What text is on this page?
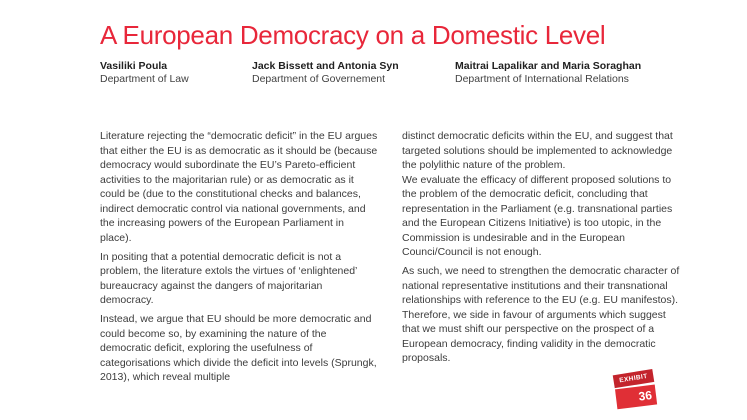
A European Democracy on a Domestic Level
Vasiliki Poula
Department of Law
Jack Bissett and Antonia Syn
Department of Governement
Maitrai Lapalikar and Maria Soraghan
Department of International Relations

Literature rejecting the “democratic deficit” in the EU argues that either the EU is as democratic as it should be (because democracy would subordinate the EU’s Pareto-efficient activities to the majoritarian rule) or as democratic as it could be (due to the constitutional checks and balances, indirect democratic control via national governments, and the increasing powers of the European Parliament in place).

In positing that a potential democratic deficit is not a problem, the literature extols the virtues of ‘enlightened’ bureaucracy against the dangers of majoritarian democracy.

Instead, we argue that EU should be more democratic and could become so, by examining the nature of the democratic deficit, exploring the usefulness of categorisations which divide the deficit into levels (Sprungk, 2013), which reveal multiple

distinct democratic deficits within the EU, and suggest that targeted solutions should be implemented to acknowledge the polylithic nature of the problem.

We evaluate the efficacy of different proposed solutions to the problem of the democratic deficit, concluding that representation in the Parliament (e.g. transnational parties and the European Citizens Initiative) is too utopic, in the Commission is undesirable and in the European Counci/Council is not enough.

As such, we need to strengthen the democratic character of national representative institutions and their transnational relationships with reference to the EU (e.g. EU manifestos). Therefore, we side in favour of arguments which suggest that we must shift our perspective on the prospect of a European democracy, finding validity in the democratic proposals.

EXHIBIT
36
